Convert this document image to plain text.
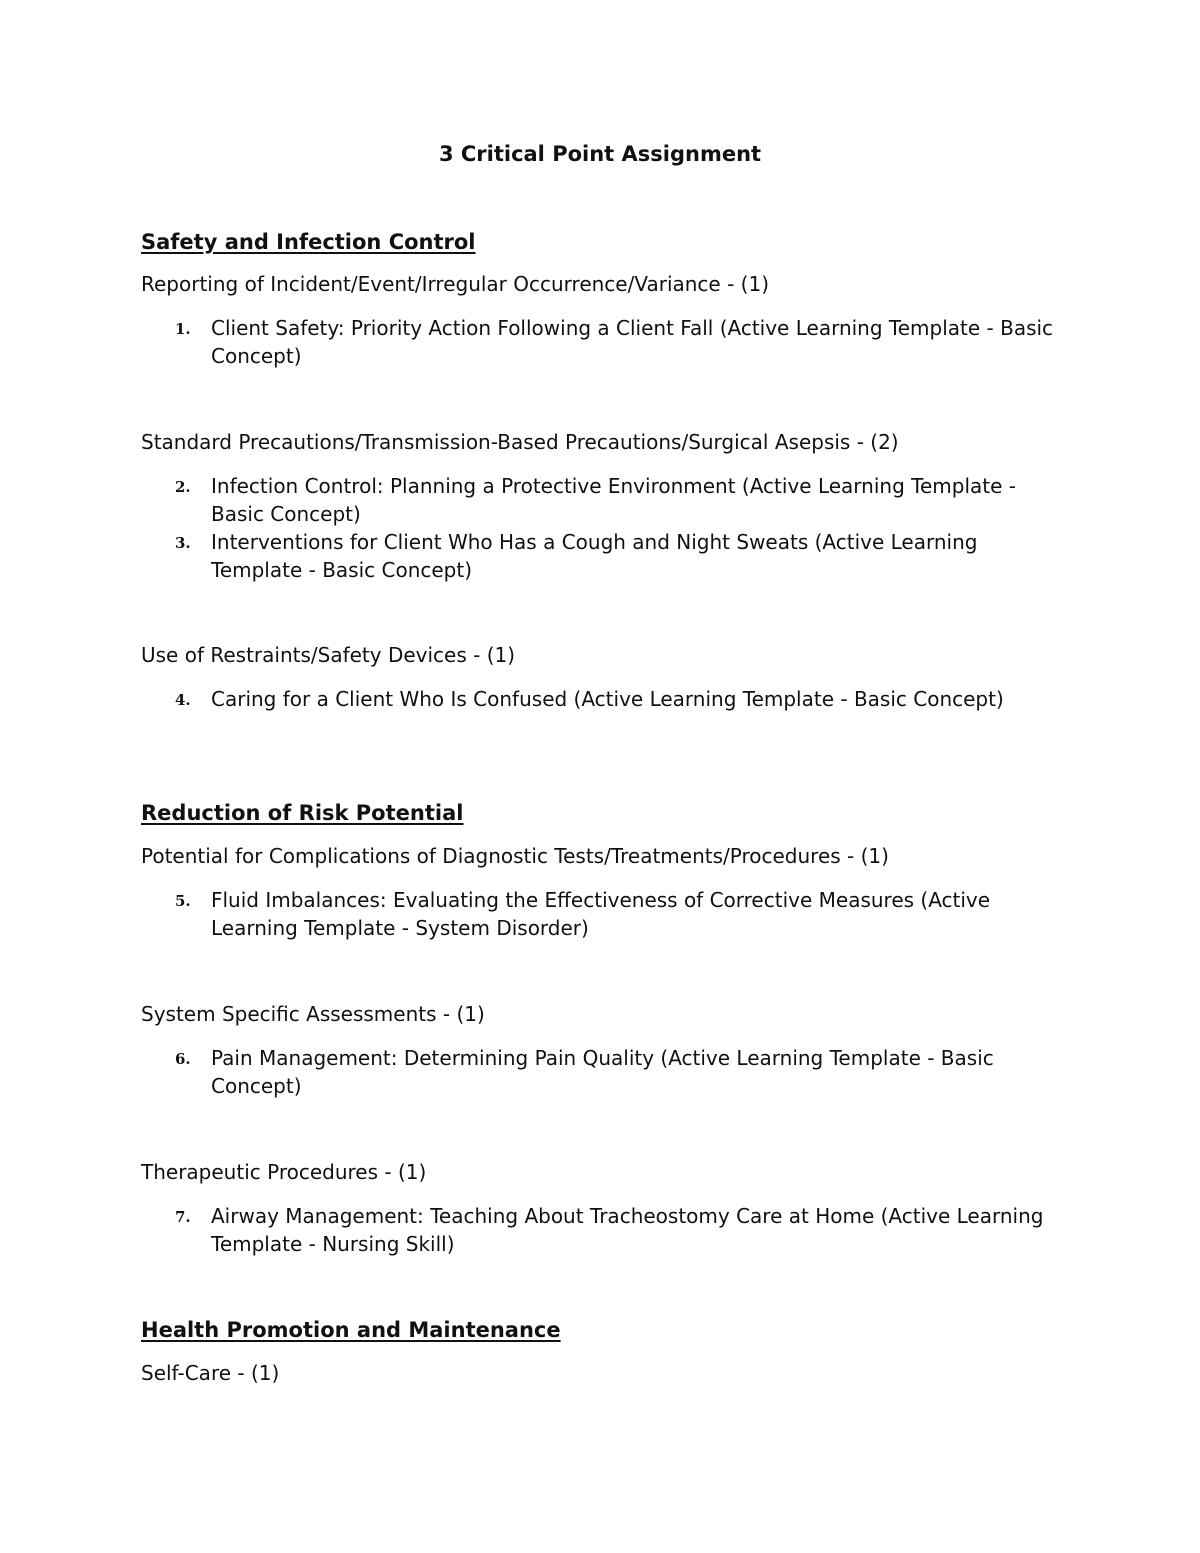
3 Critical Point Assignment
Safety and Infection Control

Reporting of Incident/Event/Irregular Occurrence/Variance - (1)

1. Client Safety: Priority Action Following a Client Fall (Active Learning Template - Basic Concept)

Standard Precautions/Transmission-Based Precautions/Surgical Asepsis - (2)

2. Infection Control: Planning a Protective Environment (Active Learning Template - Basic Concept)
3. Interventions for Client Who Has a Cough and Night Sweats (Active Learning Template - Basic Concept)

Use of Restraints/Safety Devices - (1)

4. Caring for a Client Who Is Confused (Active Learning Template - Basic Concept)
Reduction of Risk Potential

Potential for Complications of Diagnostic Tests/Treatments/Procedures - (1)

5. Fluid Imbalances: Evaluating the Effectiveness of Corrective Measures (Active Learning Template - System Disorder)

System Specific Assessments - (1)

6. Pain Management: Determining Pain Quality (Active Learning Template - Basic Concept)

Therapeutic Procedures - (1)

7. Airway Management: Teaching About Tracheostomy Care at Home (Active Learning Template - Nursing Skill)
Health Promotion and Maintenance

Self-Care - (1)
